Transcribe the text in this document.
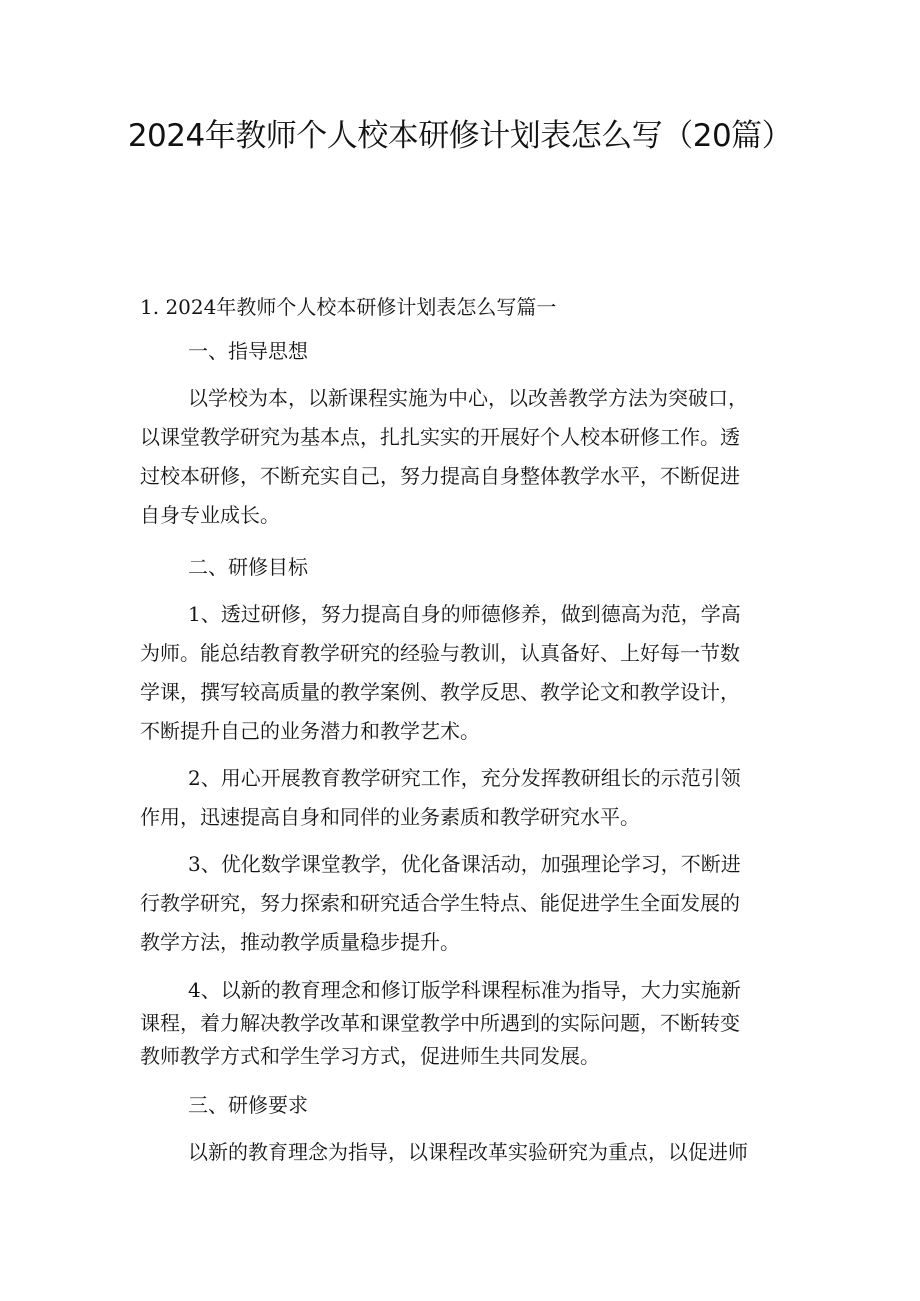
2024年教师个人校本研修计划表怎么写（20篇）
1. 2024年教师个人校本研修计划表怎么写篇一
一、指导思想
以学校为本，以新课程实施为中心，以改善教学方法为突破口，
以课堂教学研究为基本点，扎扎实实的开展好个人校本研修工作。透
过校本研修，不断充实自己，努力提高自身整体教学水平，不断促进
自身专业成长。
二、研修目标
1、透过研修，努力提高自身的师德修养，做到德高为范，学高
为师。能总结教育教学研究的经验与教训，认真备好、上好每一节数
学课，撰写较高质量的教学案例、教学反思、教学论文和教学设计，
不断提升自己的业务潜力和教学艺术。
2、用心开展教育教学研究工作，充分发挥教研组长的示范引领
作用，迅速提高自身和同伴的业务素质和教学研究水平。
3、优化数学课堂教学，优化备课活动，加强理论学习，不断进
行教学研究，努力探索和研究适合学生特点、能促进学生全面发展的
教学方法，推动教学质量稳步提升。
4、以新的教育理念和修订版学科课程标准为指导，大力实施新
课程，着力解决教学改革和课堂教学中所遇到的实际问题，不断转变
教师教学方式和学生学习方式，促进师生共同发展。
三、研修要求
以新的教育理念为指导，以课程改革实验研究为重点，以促进师
